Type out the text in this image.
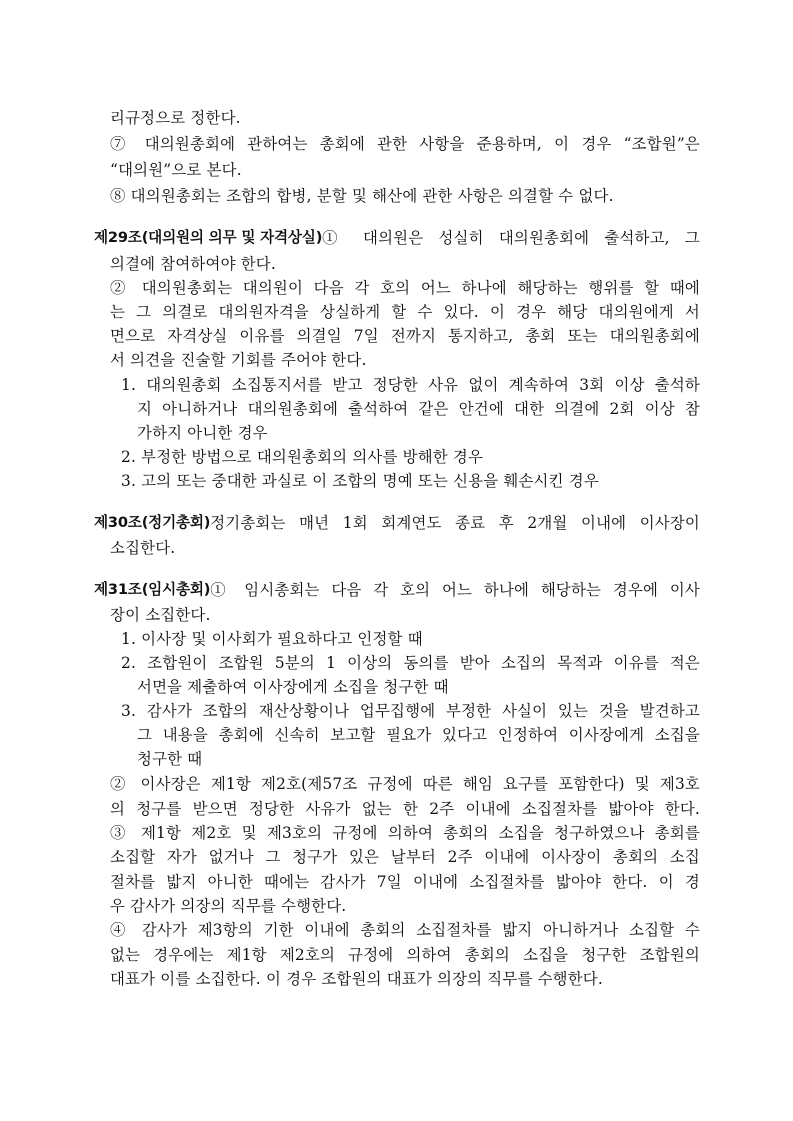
리규정으로 정한다.
⑦ 대의원총회에 관하여는 총회에 관한 사항을 준용하며, 이 경우 “조합원”은
“대의원”으로 본다.
⑧ 대의원총회는 조합의 합병, 분할 및 해산에 관한 사항은 의결할 수 없다.
제29조(대의원의 의무 및 자격상실) ① 대의원은 성실히 대의원총회에 출석하고, 그
의결에 참여하여야 한다.
② 대의원총회는 대의원이 다음 각 호의 어느 하나에 해당하는 행위를 할 때에
는 그 의결로 대의원자격을 상실하게 할 수 있다. 이 경우 해당 대의원에게 서
면으로 자격상실 이유를 의결일 7일 전까지 통지하고, 총회 또는 대의원총회에
서 의견을 진술할 기회를 주어야 한다.
1. 대의원총회 소집통지서를 받고 정당한 사유 없이 계속하여 3회 이상 출석하
지 아니하거나 대의원총회에 출석하여 같은 안건에 대한 의결에 2회 이상 참
가하지 아니한 경우
2. 부정한 방법으로 대의원총회의 의사를 방해한 경우
3. 고의 또는 중대한 과실로 이 조합의 명예 또는 신용을 훼손시킨 경우
제30조(정기총회) 정기총회는 매년 1회 회계연도 종료 후 2개월 이내에 이사장이
소집한다.
제31조(임시총회) ① 임시총회는 다음 각 호의 어느 하나에 해당하는 경우에 이사
장이 소집한다.
1. 이사장 및 이사회가 필요하다고 인정할 때
2. 조합원이 조합원 5분의 1 이상의 동의를 받아 소집의 목적과 이유를 적은
서면을 제출하여 이사장에게 소집을 청구한 때
3. 감사가 조합의 재산상황이나 업무집행에 부정한 사실이 있는 것을 발견하고
그 내용을 총회에 신속히 보고할 필요가 있다고 인정하여 이사장에게 소집을
청구한 때
② 이사장은 제1항 제2호(제57조 규정에 따른 해임 요구를 포함한다) 및 제3호
의 청구를 받으면 정당한 사유가 없는 한 2주 이내에 소집절차를 밟아야 한다.
③ 제1항 제2호 및 제3호의 규정에 의하여 총회의 소집을 청구하였으나 총회를
소집할 자가 없거나 그 청구가 있은 날부터 2주 이내에 이사장이 총회의 소집
절차를 밟지 아니한 때에는 감사가 7일 이내에 소집절차를 밟아야 한다. 이 경
우 감사가 의장의 직무를 수행한다.
④ 감사가 제3항의 기한 이내에 총회의 소집절차를 밟지 아니하거나 소집할 수
없는 경우에는 제1항 제2호의 규정에 의하여 총회의 소집을 청구한 조합원의
대표가 이를 소집한다. 이 경우 조합원의 대표가 의장의 직무를 수행한다.
